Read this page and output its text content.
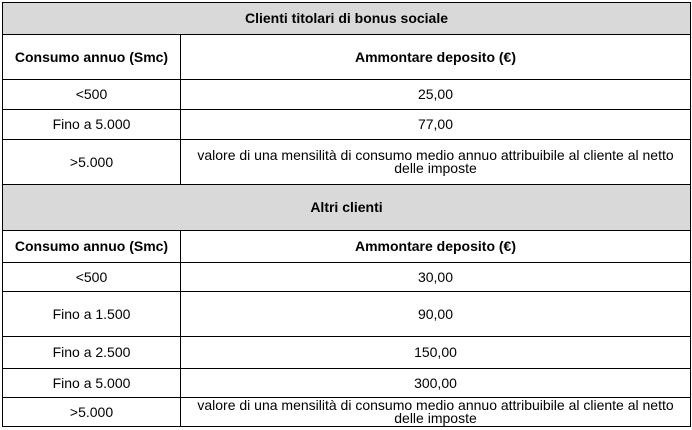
Clienti titolari di bonus sociale	
Consumo annuo (Smc)	Ammontare deposito (€)
<500	25,00
Fino a 5.000	77,00
>5.000	valore di una mensilità di consumo medio annuo attribuibile al cliente al netto delle imposte
Altri clienti	
Consumo annuo (Smc)	Ammontare deposito (€)
<500	30,00
Fino a 1.500	90,00
Fino a 2.500	150,00
Fino a 5.000	300,00
>5.000	valore di una mensilità di consumo medio annuo attribuibile al cliente al netto delle imposte
